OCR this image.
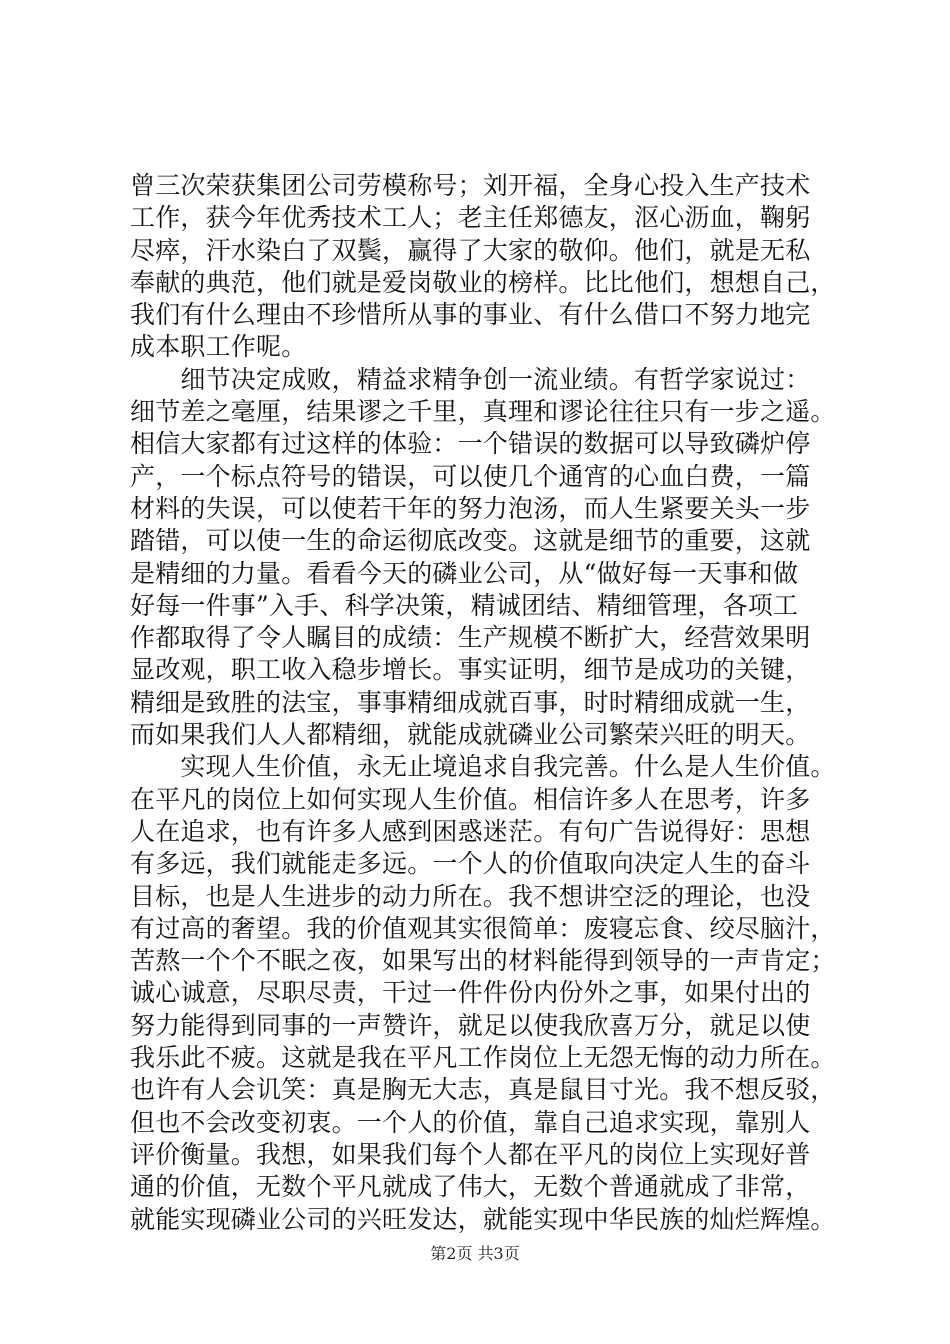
曾三次荣获集团公司劳模称号；刘开福，全身心投入生产技术
工作，获今年优秀技术工人；老主任郑德友，沤心沥血，鞠躬
尽瘁，汗水染白了双鬓，赢得了大家的敬仰。他们，就是无私
奉献的典范，他们就是爱岗敬业的榜样。比比他们，想想自己，
我们有什么理由不珍惜所从事的事业、有什么借口不努力地完
成本职工作呢。
　　细节决定成败，精益求精争创一流业绩。有哲学家说过：
细节差之毫厘，结果谬之千里，真理和谬论往往只有一步之遥。
相信大家都有过这样的体验：一个错误的数据可以导致磷炉停
产，一个标点符号的错误，可以使几个通宵的心血白费，一篇
材料的失误，可以使若干年的努力泡汤，而人生紧要关头一步
踏错，可以使一生的命运彻底改变。这就是细节的重要，这就
是精细的力量。看看今天的磷业公司，从“做好每一天事和做
好每一件事”入手、科学决策，精诚团结、精细管理，各项工
作都取得了令人瞩目的成绩：生产规模不断扩大，经营效果明
显改观，职工收入稳步增长。事实证明，细节是成功的关键，
精细是致胜的法宝，事事精细成就百事，时时精细成就一生，
而如果我们人人都精细，就能成就磷业公司繁荣兴旺的明天。
　　实现人生价值，永无止境追求自我完善。什么是人生价值。
在平凡的岗位上如何实现人生价值。相信许多人在思考，许多
人在追求，也有许多人感到困惑迷茫。有句广告说得好：思想
有多远，我们就能走多远。一个人的价值取向决定人生的奋斗
目标，也是人生进步的动力所在。我不想讲空泛的理论，也没
有过高的奢望。我的价值观其实很简单：废寝忘食、绞尽脑汁，
苦熬一个个不眠之夜，如果写出的材料能得到领导的一声肯定；
诚心诚意，尽职尽责，干过一件件份内份外之事，如果付出的
努力能得到同事的一声赞许，就足以使我欣喜万分，就足以使
我乐此不疲。这就是我在平凡工作岗位上无怨无悔的动力所在。
也许有人会讥笑：真是胸无大志，真是鼠目寸光。我不想反驳，
但也不会改变初衷。一个人的价值，靠自己追求实现，靠别人
评价衡量。我想，如果我们每个人都在平凡的岗位上实现好普
通的价值，无数个平凡就成了伟大，无数个普通就成了非常，
就能实现磷业公司的兴旺发达，就能实现中华民族的灿烂辉煌。
第2页 共3页
